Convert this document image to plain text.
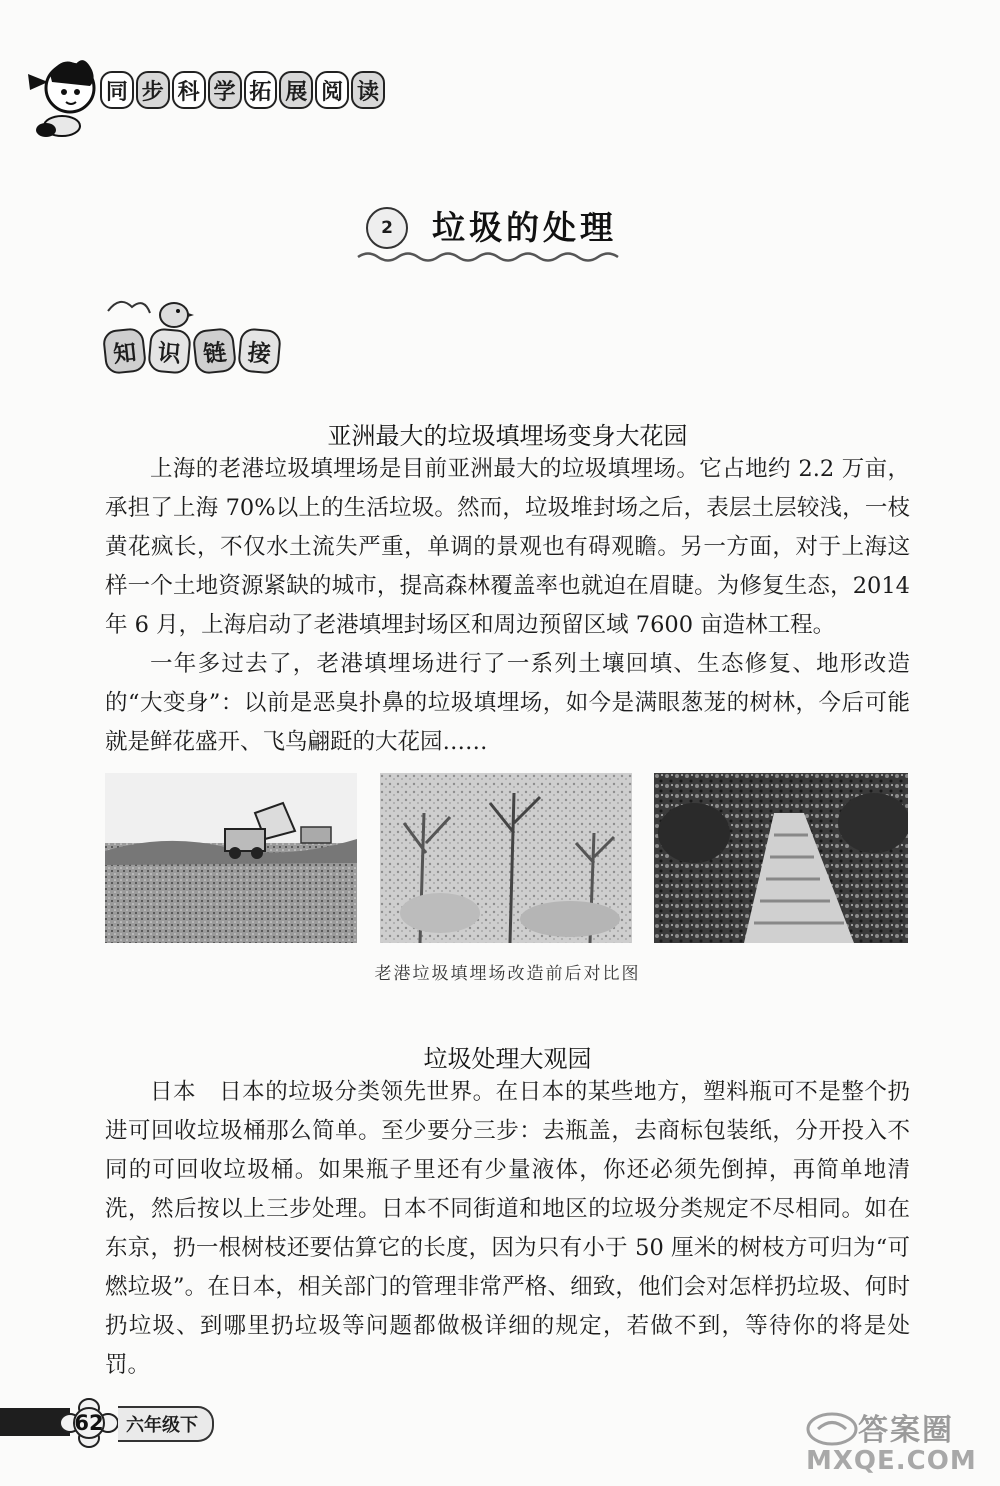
同 步 科 学 拓 展 阅 读
2	垃圾的处理
知 识 链 接
亚洲最大的垃圾填埋场变身大花园

上海的老港垃圾填埋场是目前亚洲最大的垃圾填埋场。它占地约 2.2 万亩，承担了上海 70%以上的生活垃圾。然而，垃圾堆封场之后，表层土层较浅，一枝黄花疯长，不仅水土流失严重，单调的景观也有碍观瞻。另一方面，对于上海这样一个土地资源紧缺的城市，提高森林覆盖率也就迫在眉睫。为修复生态，2014 年 6 月，上海启动了老港填埋封场区和周边预留区域 7600 亩造林工程。

一年多过去了，老港填埋场进行了一系列土壤回填、生态修复、地形改造的“大变身”：以前是恶臭扑鼻的垃圾填埋场，如今是满眼葱茏的树林，今后可能就是鲜花盛开、飞鸟翩跹的大花园……

老港垃圾填埋场改造前后对比图
垃圾处理大观园

日本　 日本的垃圾分类领先世界。在日本的某些地方，塑料瓶可不是整个扔进可回收垃圾桶那么简单。至少要分三步：去瓶盖，去商标包装纸，分开投入不同的可回收垃圾桶。如果瓶子里还有少量液体，你还必须先倒掉，再简单地清洗，然后按以上三步处理。日本不同街道和地区的垃圾分类规定不尽相同。如在东京，扔一根树枝还要估算它的长度，因为只有小于 50 厘米的树枝方可归为“可燃垃圾”。在日本，相关部门的管理非常严格、细致，他们会对怎样扔垃圾、何时扔垃圾、到哪里扔垃圾等问题都做极详细的规定，若做不到，等待你的将是处罚。

62	六年级下	答案圈
MXQE.COM
